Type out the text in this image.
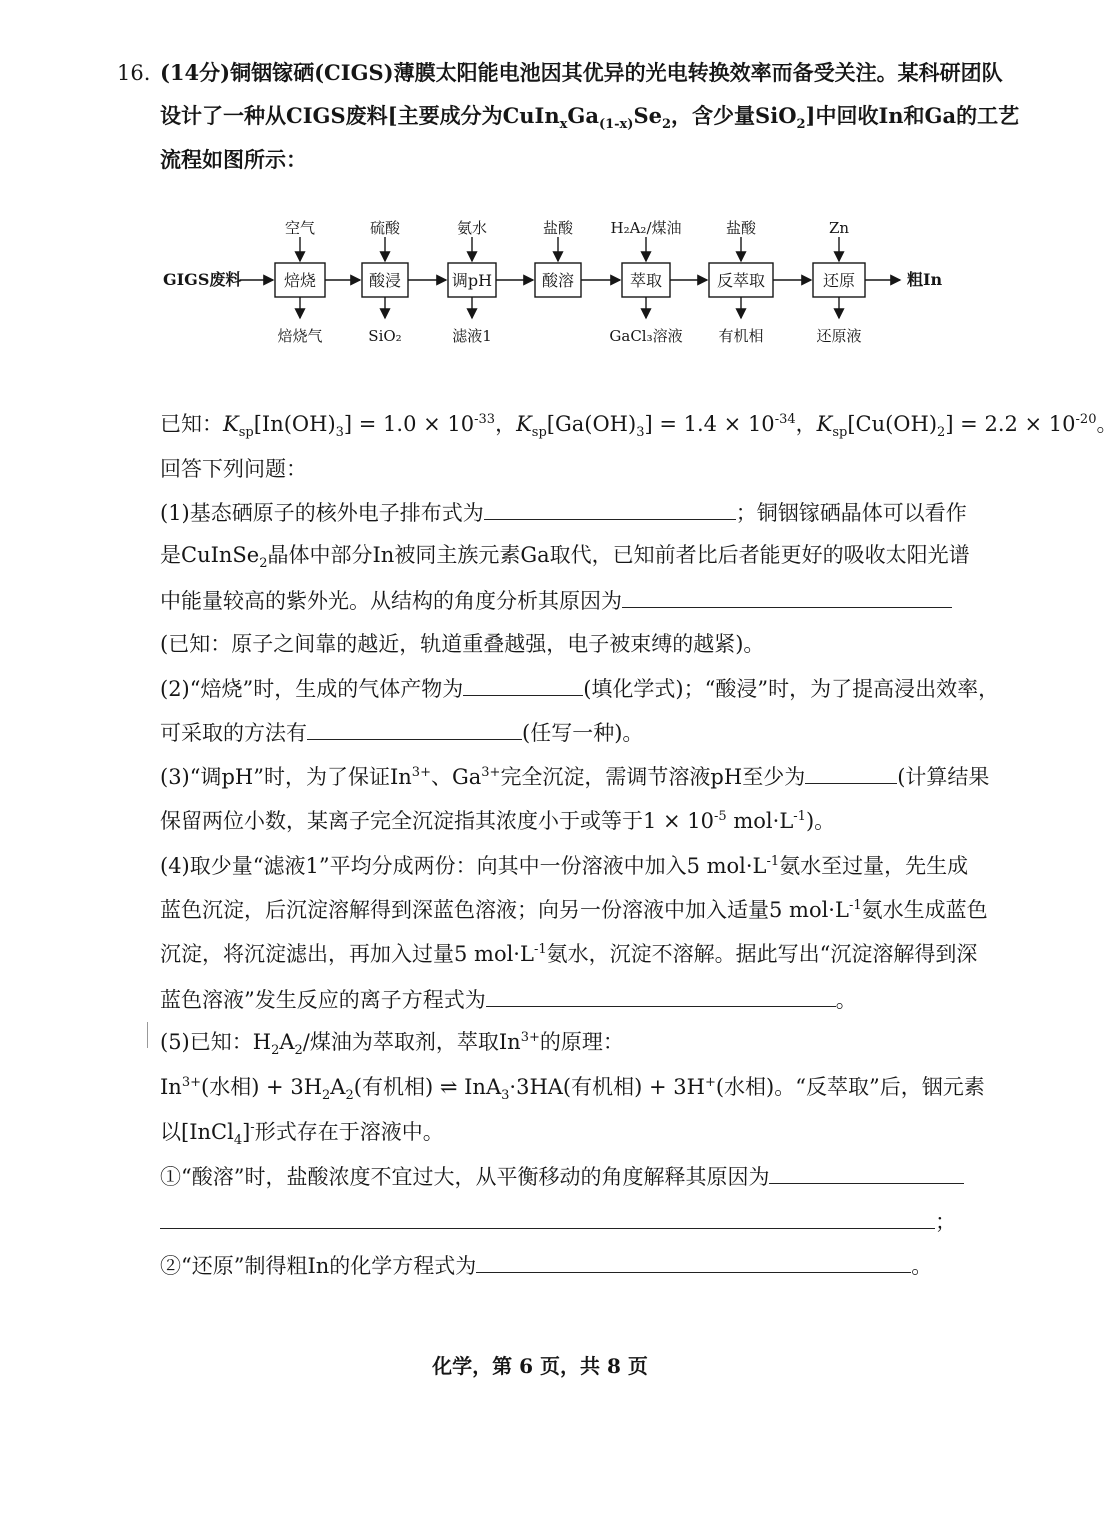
16. (14分)铜铟镓硒(CIGS)薄膜太阳能电池因其优异的光电转换效率而备受关注。某科研团队
设计了一种从CIGS废料[主要成分为$CuIn_xGa_{(1-x)}Se_2$，含少量SiO$_2$]中回收In和Ga的工艺
流程如图所示：
GIGS废料	粗In
焙烧
空气
焙烧气
酸浸
硫酸
SiO₂
调pH
氨水
滤液1
酸溶
盐酸
萃取
H₂A₂/煤油
GaCl₃溶液
反萃取
盐酸
有机相
还原
Zn
还原液
已知：$K_{sp}[In(OH)_3] = 1.0 \times 10^{-33}$，$K_{sp}[Ga(OH)_3] = 1.4 \times 10^{-34}$，$K_{sp}[Cu(OH)_2] = 2.2 \times 10^{-20}$。
回答下列问题：
(1)基态硒原子的核外电子排布式为	；铜铟镓硒晶体可以看作
是CuInSe$_2$晶体中部分In被同主族元素Ga取代，已知前者比后者能更好的吸收太阳光谱
中能量较高的紫外光。从结构的角度分析其原因为
(已知：原子之间靠的越近，轨道重叠越强，电子被束缚的越紧)。
(2)“焙烧”时，生成的气体产物为	(填化学式)；“酸浸”时，为了提高浸出效率，
可采取的方法有	(任写一种)。
(3)“调pH”时，为了保证$In^{3+}$、$Ga^{3+}$完全沉淀，需调节溶液pH至少为	(计算结果
保留两位小数，某离子完全沉淀指其浓度小于或等于$1 \times 10^{-5}$ $mol\cdot L^{-1}$)。
(4)取少量“滤液1”平均分成两份：向其中一份溶液中加入5 $mol\cdot L^{-1}$氨水至过量，先生成
蓝色沉淀，后沉淀溶解得到深蓝色溶液；向另一份溶液中加入适量5 $mol\cdot L^{-1}$氨水生成蓝色
沉淀，将沉淀滤出，再加入过量5 $mol\cdot L^{-1}$氨水，沉淀不溶解。据此写出“沉淀溶解得到深
蓝色溶液”发生反应的离子方程式为	。
(5)已知：$H_2A_2/$煤油为萃取剂，萃取$In^{3+}$的原理：
$In^{3+}$(水相) + $3H_2A_2$(有机相) ⇌ InA$_3$·3HA(有机相) + 3H+(水相)。“反萃取”后，铟元素
以[InCl$_4$]-形式存在于溶液中。
①“酸溶”时，盐酸浓度不宜过大，从平衡移动的角度解释其原因为
；
②“还原”制得粗In的化学方程式为	。
化学，第 6 页，共 8 页
